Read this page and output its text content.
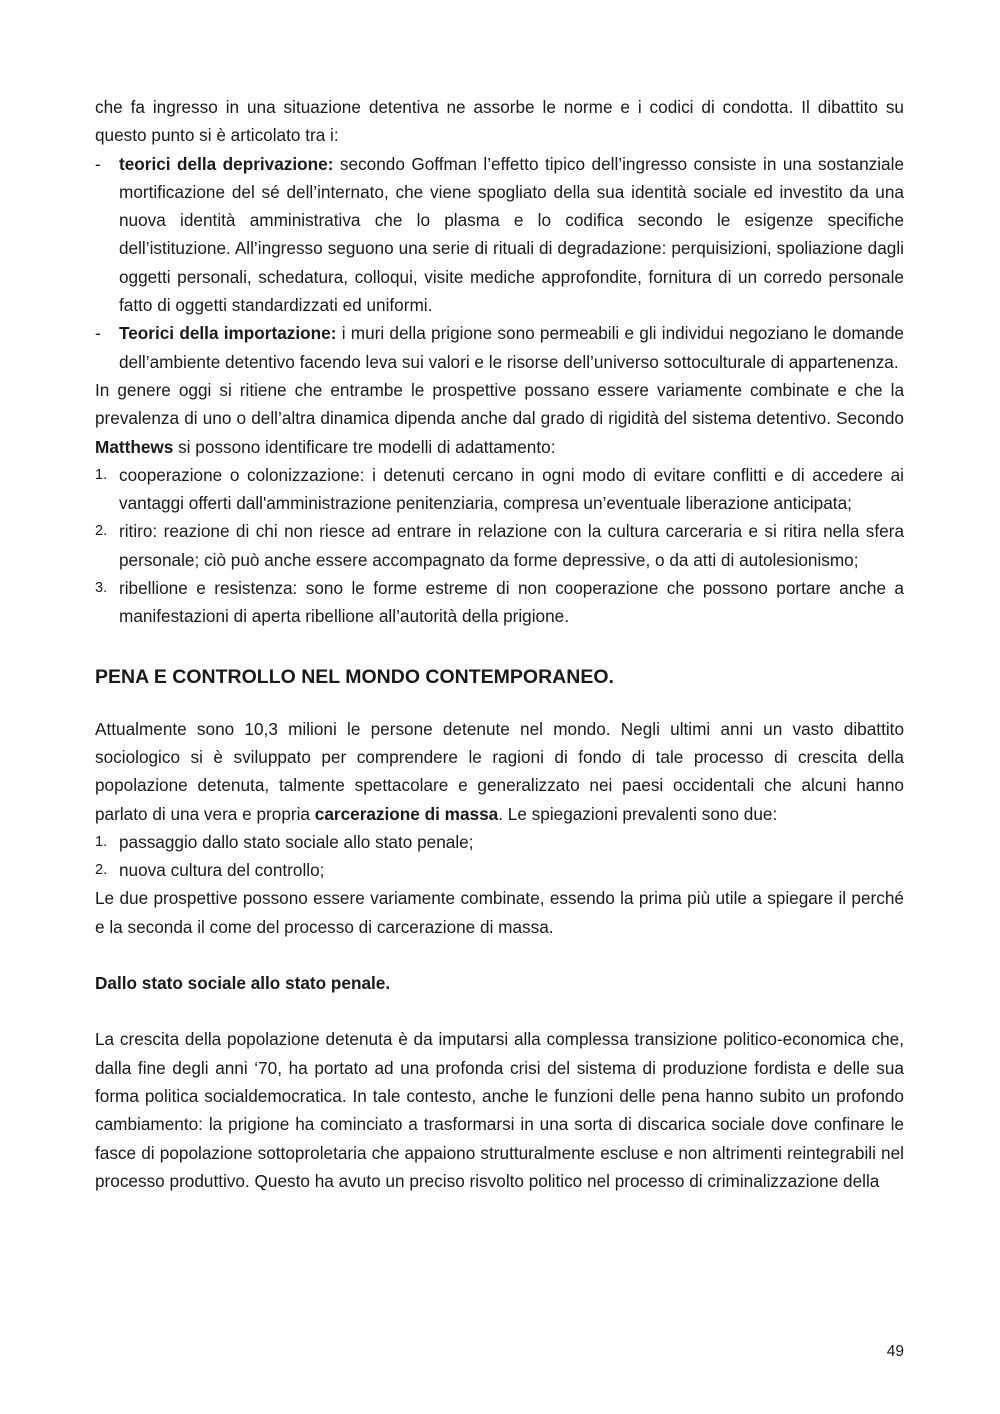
che fa ingresso in una situazione detentiva ne assorbe le norme e i codici di condotta. Il dibattito su questo punto si è articolato tra i:

-	teorici della deprivazione: secondo Goffman l’effetto tipico dell’ingresso consiste in una sostanziale mortificazione del sé dell’internato, che viene spogliato della sua identità sociale ed investito da una nuova identità amministrativa che lo plasma e lo codifica secondo le esigenze specifiche dell’istituzione. All’ingresso seguono una serie di rituali di degradazione: perquisizioni, spoliazione dagli oggetti personali, schedatura, colloqui, visite mediche approfondite, fornitura di un corredo personale fatto di oggetti standardizzati ed uniformi.
-	Teorici della importazione: i muri della prigione sono permeabili e gli individui negoziano le domande dell’ambiente detentivo facendo leva sui valori e le risorse dell’universo sottoculturale di appartenenza.

In genere oggi si ritiene che entrambe le prospettive possano essere variamente combinate e che la prevalenza di uno o dell’altra dinamica dipenda anche dal grado di rigidità del sistema detentivo. Secondo Matthews si possono identificare tre modelli di adattamento:

1. cooperazione o colonizzazione: i detenuti cercano in ogni modo di evitare conflitti e di accedere ai vantaggi offerti dall'amministrazione penitenziaria, compresa un’eventuale liberazione anticipata;
2. ritiro: reazione di chi non riesce ad entrare in relazione con la cultura carceraria e si ritira nella sfera personale; ciò può anche essere accompagnato da forme depressive, o da atti di autolesionismo;
3. ribellione e resistenza: sono le forme estreme di non cooperazione che possono portare anche a manifestazioni di aperta ribellione all’autorità della prigione.
PENA E CONTROLLO NEL MONDO CONTEMPORANEO.

Attualmente sono 10,3 milioni le persone detenute nel mondo. Negli ultimi anni un vasto dibattito sociologico si è sviluppato per comprendere le ragioni di fondo di tale processo di crescita della popolazione detenuta, talmente spettacolare e generalizzato nei paesi occidentali che alcuni hanno parlato di una vera e propria carcerazione di massa. Le spiegazioni prevalenti sono due:

1. passaggio dallo stato sociale allo stato penale;
2. nuova cultura del controllo;

Le due prospettive possono essere variamente combinate, essendo la prima più utile a spiegare il perché e la seconda il come del processo di carcerazione di massa.

Dallo stato sociale allo stato penale.

La crescita della popolazione detenuta è da imputarsi alla complessa transizione politico-economica che, dalla fine degli anni ‘70, ha portato ad una profonda crisi del sistema di produzione fordista e delle sua forma politica socialdemocratica. In tale contesto, anche le funzioni delle pena hanno subito un profondo cambiamento: la prigione ha cominciato a trasformarsi in una sorta di discarica sociale dove confinare le fasce di popolazione sottoproletaria che appaiono strutturalmente escluse e non altrimenti reintegrabili nel processo produttivo. Questo ha avuto un preciso risvolto politico nel processo di criminalizzazione della

49
